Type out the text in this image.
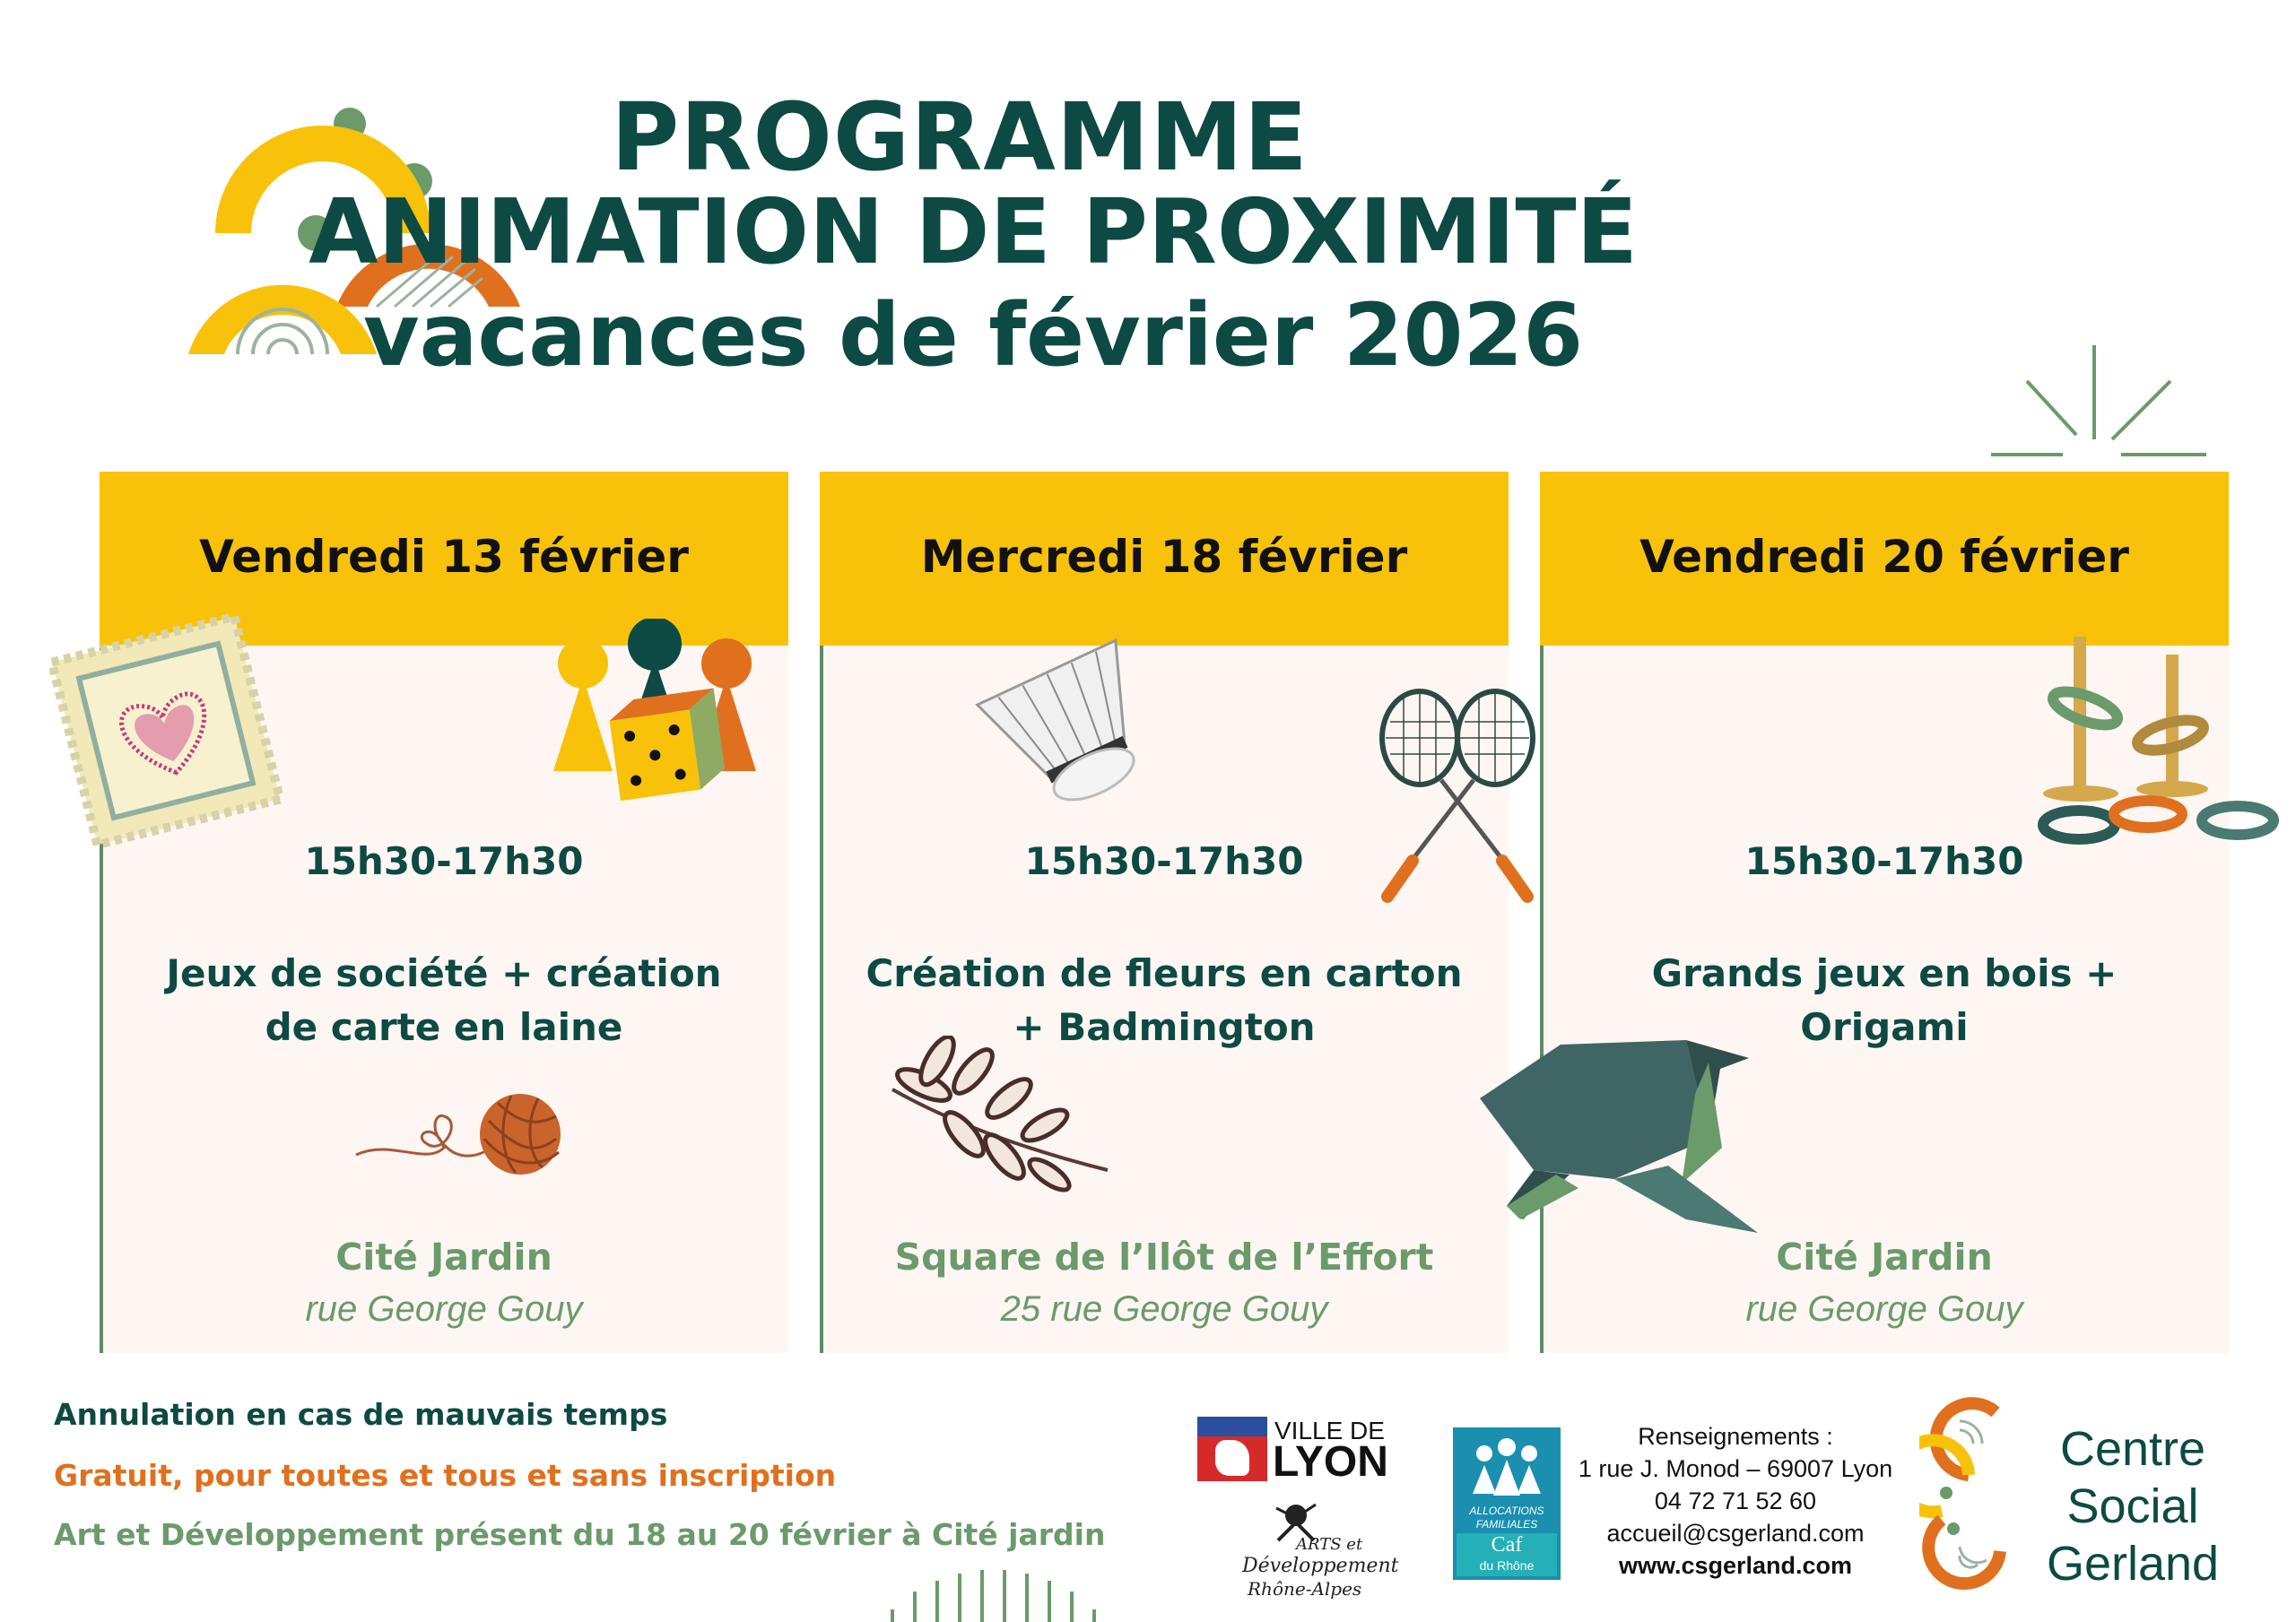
PROGRAMME
ANIMATION DE PROXIMITÉ
vacances de février 2026
Vendredi 13 février
15h30-17h30
Jeux de société + création de carte en laine
Cité Jardin
rue George Gouy
Mercredi 18 février
15h30-17h30
Création de fleurs en carton + Badmington
Square de l’Ilôt de l’Effort
25 rue George Gouy
Vendredi 20 février
15h30-17h30
Grands jeux en bois + Origami
Cité Jardin
rue George Gouy
Annulation en cas de mauvais temps
Gratuit, pour toutes et tous et sans inscription
Art et Développement présent du 18 au 20 février à Cité jardin
VILLE DE
LYON
ARTS et
Développement
Rhône-Alpes
ALLOCATIONS
FAMILIALES
Caf
du Rhône
Renseignements :
1 rue J. Monod – 69007 Lyon
04 72 71 52 60
accueil@csgerland.com
www.csgerland.com
Centre
Social
Gerland
